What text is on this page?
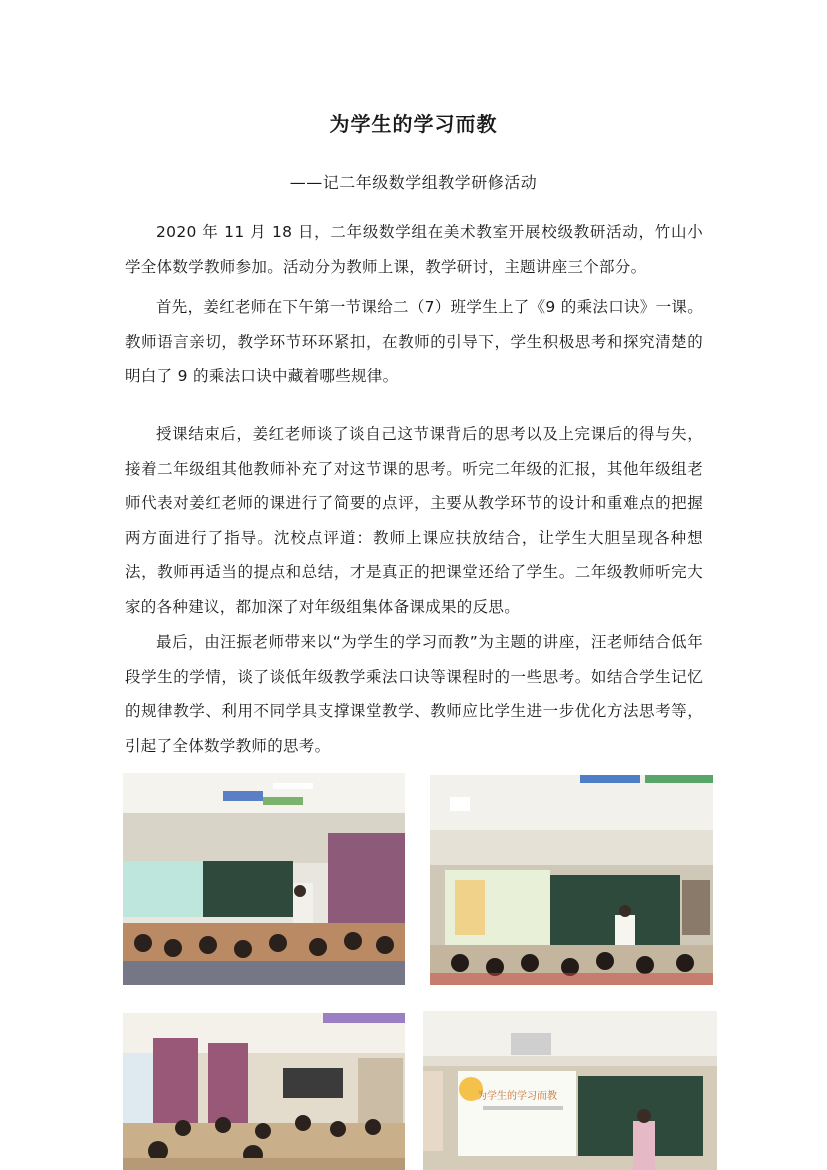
为学生的学习而教
——记二年级数学组教学研修活动

2020 年 11 月 18 日，二年级数学组在美术教室开展校级教研活动，竹山小学全体数学教师参加。活动分为教师上课，教学研讨，主题讲座三个部分。

首先，姜红老师在下午第一节课给二（7）班学生上了《9 的乘法口诀》一课。教师语言亲切，教学环节环环紧扣，在教师的引导下，学生积极思考和探究清楚的明白了 9 的乘法口诀中藏着哪些规律。

授课结束后，姜红老师谈了谈自己这节课背后的思考以及上完课后的得与失，接着二年级组其他教师补充了对这节课的思考。听完二年级的汇报，其他年级组老师代表对姜红老师的课进行了简要的点评，主要从教学环节的设计和重难点的把握两方面进行了指导。沈校点评道：教师上课应扶放结合，让学生大胆呈现各种想法，教师再适当的提点和总结，才是真正的把课堂还给了学生。二年级教师听完大家的各种建议，都加深了对年级组集体备课成果的反思。

最后，由汪振老师带来以“为学生的学习而教”为主题的讲座，汪老师结合低年段学生的学情，谈了谈低年级教学乘法口诀等课程时的一些思考。如结合学生记忆的规律教学、利用不同学具支撑课堂教学、教师应比学生进一步优化方法思考等，引起了全体数学教师的思考。

为学生的学习而教
